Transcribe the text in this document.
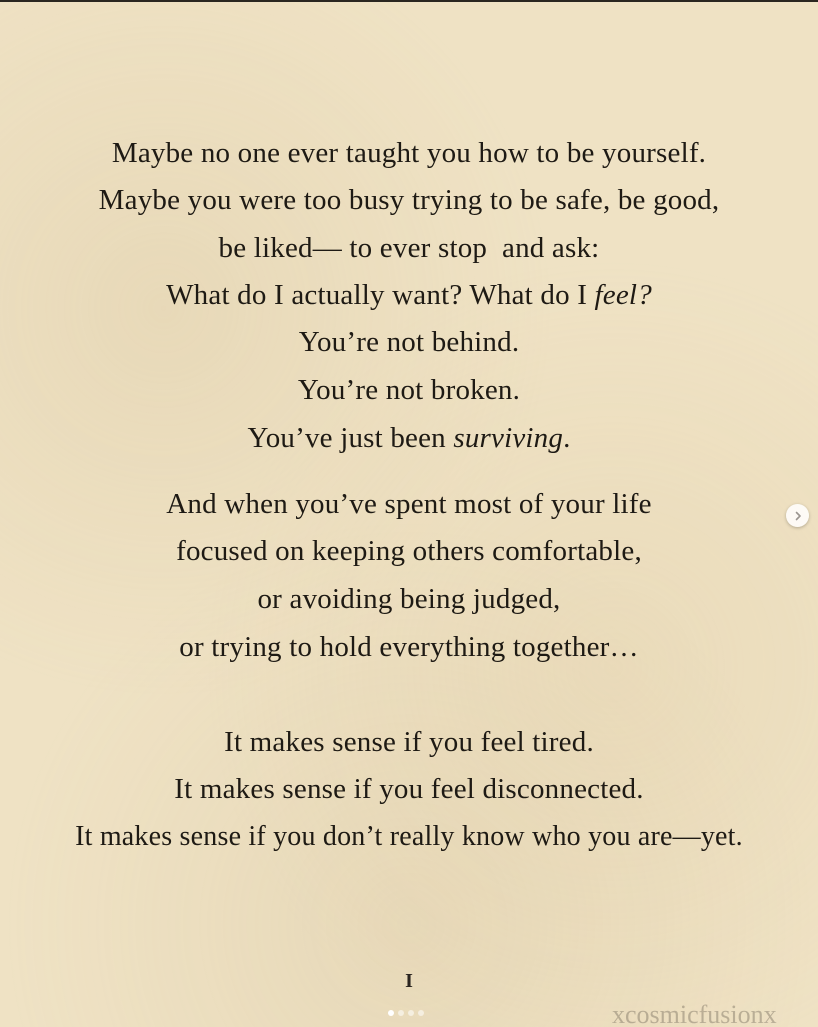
Maybe no one ever taught you how to be yourself.
Maybe you were too busy trying to be safe, be good,
be liked— to ever stop  and ask:
What do I actually want? What do I feel?
You’re not behind.
You’re not broken.
You’ve just been surviving.
And when you’ve spent most of your life
focused on keeping others comfortable,
or avoiding being judged,
or trying to hold everything together…
It makes sense if you feel tired.
It makes sense if you feel disconnected.
It makes sense if you don’t really know who you are—yet.
I
xcosmicfusionx
